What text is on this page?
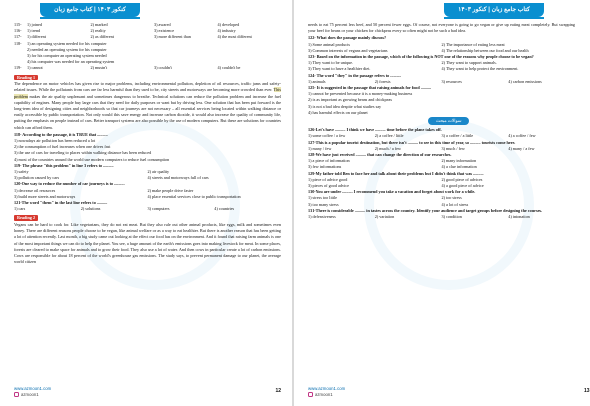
کنکور ۱۴۰۳ | کتاب جامع زبان
115-	1) joined	2) marked	3) awared	4) developed
116-	1) trend	2) reality	3) existence	4) industry
117-	1) different	2) as different	3) more different than	4) the most different
118-	1) an operating system needed for his computer
2) needed an operating system for his computer
3) for his computer an operating system needed
4) his computer was needed for an operating system
119-	1) cannot	2) mustn't	3) couldn't	4) couldn't be
Reading 1

The dependence on motor vehicles has given rise to major problems, including environmental pollution, depletion of oil resources, traffic jams and safety-related issues. While the pollutants from cars are far less harmful than they used to be, city streets and motorways are becoming more crowded than ever. This problem makes the air quality unpleasant and sometimes dangerous to breathe. Technical solutions can reduce the pollution problem and increase the fuel capability of engines. Many people buy large cars that they need for daily purposes or want but by driving less. One solution that has been put forward is the long-term idea of designing cities and neighborhoods so that car journeys are not necessary – all essential services being located within walking distance or easily accessible by public transportation. Not only would this save energy and increase carbon dioxide, it would also increase the quality of community life, putting the emphasis on people instead of cars. Better transport systems are also possible by the use of modern computers. But these are solutions for countries which can afford them.

118- According to the passage, it is TRUE that ..........
1) nowadays air pollution has been reduced a lot
2) the consumption of fuel increases when one drives fast
3) the use of cars for traveling to places within walking distance has been reduced
4) most of the countries around the world use modern computers to reduce fuel consumption
119- The phrase "this problem" in line 3 refers to ..........
1) safety	2) air quality
3) pollution caused by cars	4) streets and motorways full of cars
120-One way to reduce the number of car journeys is to ..........
1) decrease oil resources	2) make people drive faster
3) build more streets and motorways	4) place essential services close to public transportation
121-The word "them" in the last line refers to ..........
1) cars	2) solutions	3) computers	4) countries
Reading 2

Vegans can be hard to cook for. Like vegetarians, they do not eat meat. But they also rule out other animal products, like eggs, milk and sometimes even honey. There are different reasons people choose to be vegan, like animal welfare or as a way to eat healthier. But there is another reason that has been getting a lot of attention recently. Last month, a big study came out looking at the effect our food has on the environment. And it found that raising farm animals is one of the most important things we can do to help the planet. You see, a huge amount of the earth's emissions goes into making livestock for meat. In some places, forests are cleared to make space for animals and to grow their food. They also use a lot of water. And then cows in particular create a lot of carbon emissions. Cows are responsible for about 18 percent of the world's greenhouse gas emissions. The study says, to prevent permanent damage to our planet, the average world citizen

www.azmoon1.com
azmoon1
12
کتاب جامع زبان | کنکور ۱۴۰۳

needs to eat 75 percent less beef, and 50 percent fewer eggs. Of course, not everyone is going to go vegan or give up eating meat completely. But swapping your beef for beans or your chicken for chickpeas every so often might not be such a bad idea.

122- What does the passage mainly discuss?
1) Some animal products	2) The importance of eating less meat
3) Common interests of vegans and vegetarians	4) The relationship between our food and our health
123- Based on the information in the passage, which of the following is NOT one of the reasons why people choose to be vegan?
1) They want to be unique.	2) They want to support animals.
3) They want to have a healthier diet.	4) They want to help protect the environment.
124- The word "they" in the passage refers to ..........
1) animals	2) forests	3) resources	4) carbon emissions
125- It is suggested in the passage that raising animals for food ..........
1) cannot be prevented because it is a money-making business
2) is as important as growing beans and chickpeas
3) is not a bad idea despite what studies say
4) has harmful effects on our planet
سوالات مبحث
126-Let's have .......... I think we have .......... time before the plane takes off.
1) some coffee / a few	2) a coffee / little	3) a coffee / a little	4) a coffee / few
127-This is a popular tourist destination, but there isn't .......... to see in this time of year, so .......... tourists come here.
1) many / few	2) much / a few	3) much / few	4) many / a few
128-We have just received .......... that can change the direction of our researches.
1) a piece of information	2) many information
3) few informations	4) a clue information
129-My father told Ben to face her and talk about their problems but I didn't think that was ..........
1) piece of advice good	2) good piece of advices
3) pieces of good advice	4) a good piece of advice
130-You are under .......... I recommend you take a vacation and forget about work for a while.
1) stress too little	2) too stress
3) too many stress	4) a lot of stress
131-There is considerable .......... in tastes across the country. Identify your audience and target groups before designing the courses.
1) defensiveness	2) variation	3) condition	4) intonation
www.azmoon1.com
azmoon1
13
